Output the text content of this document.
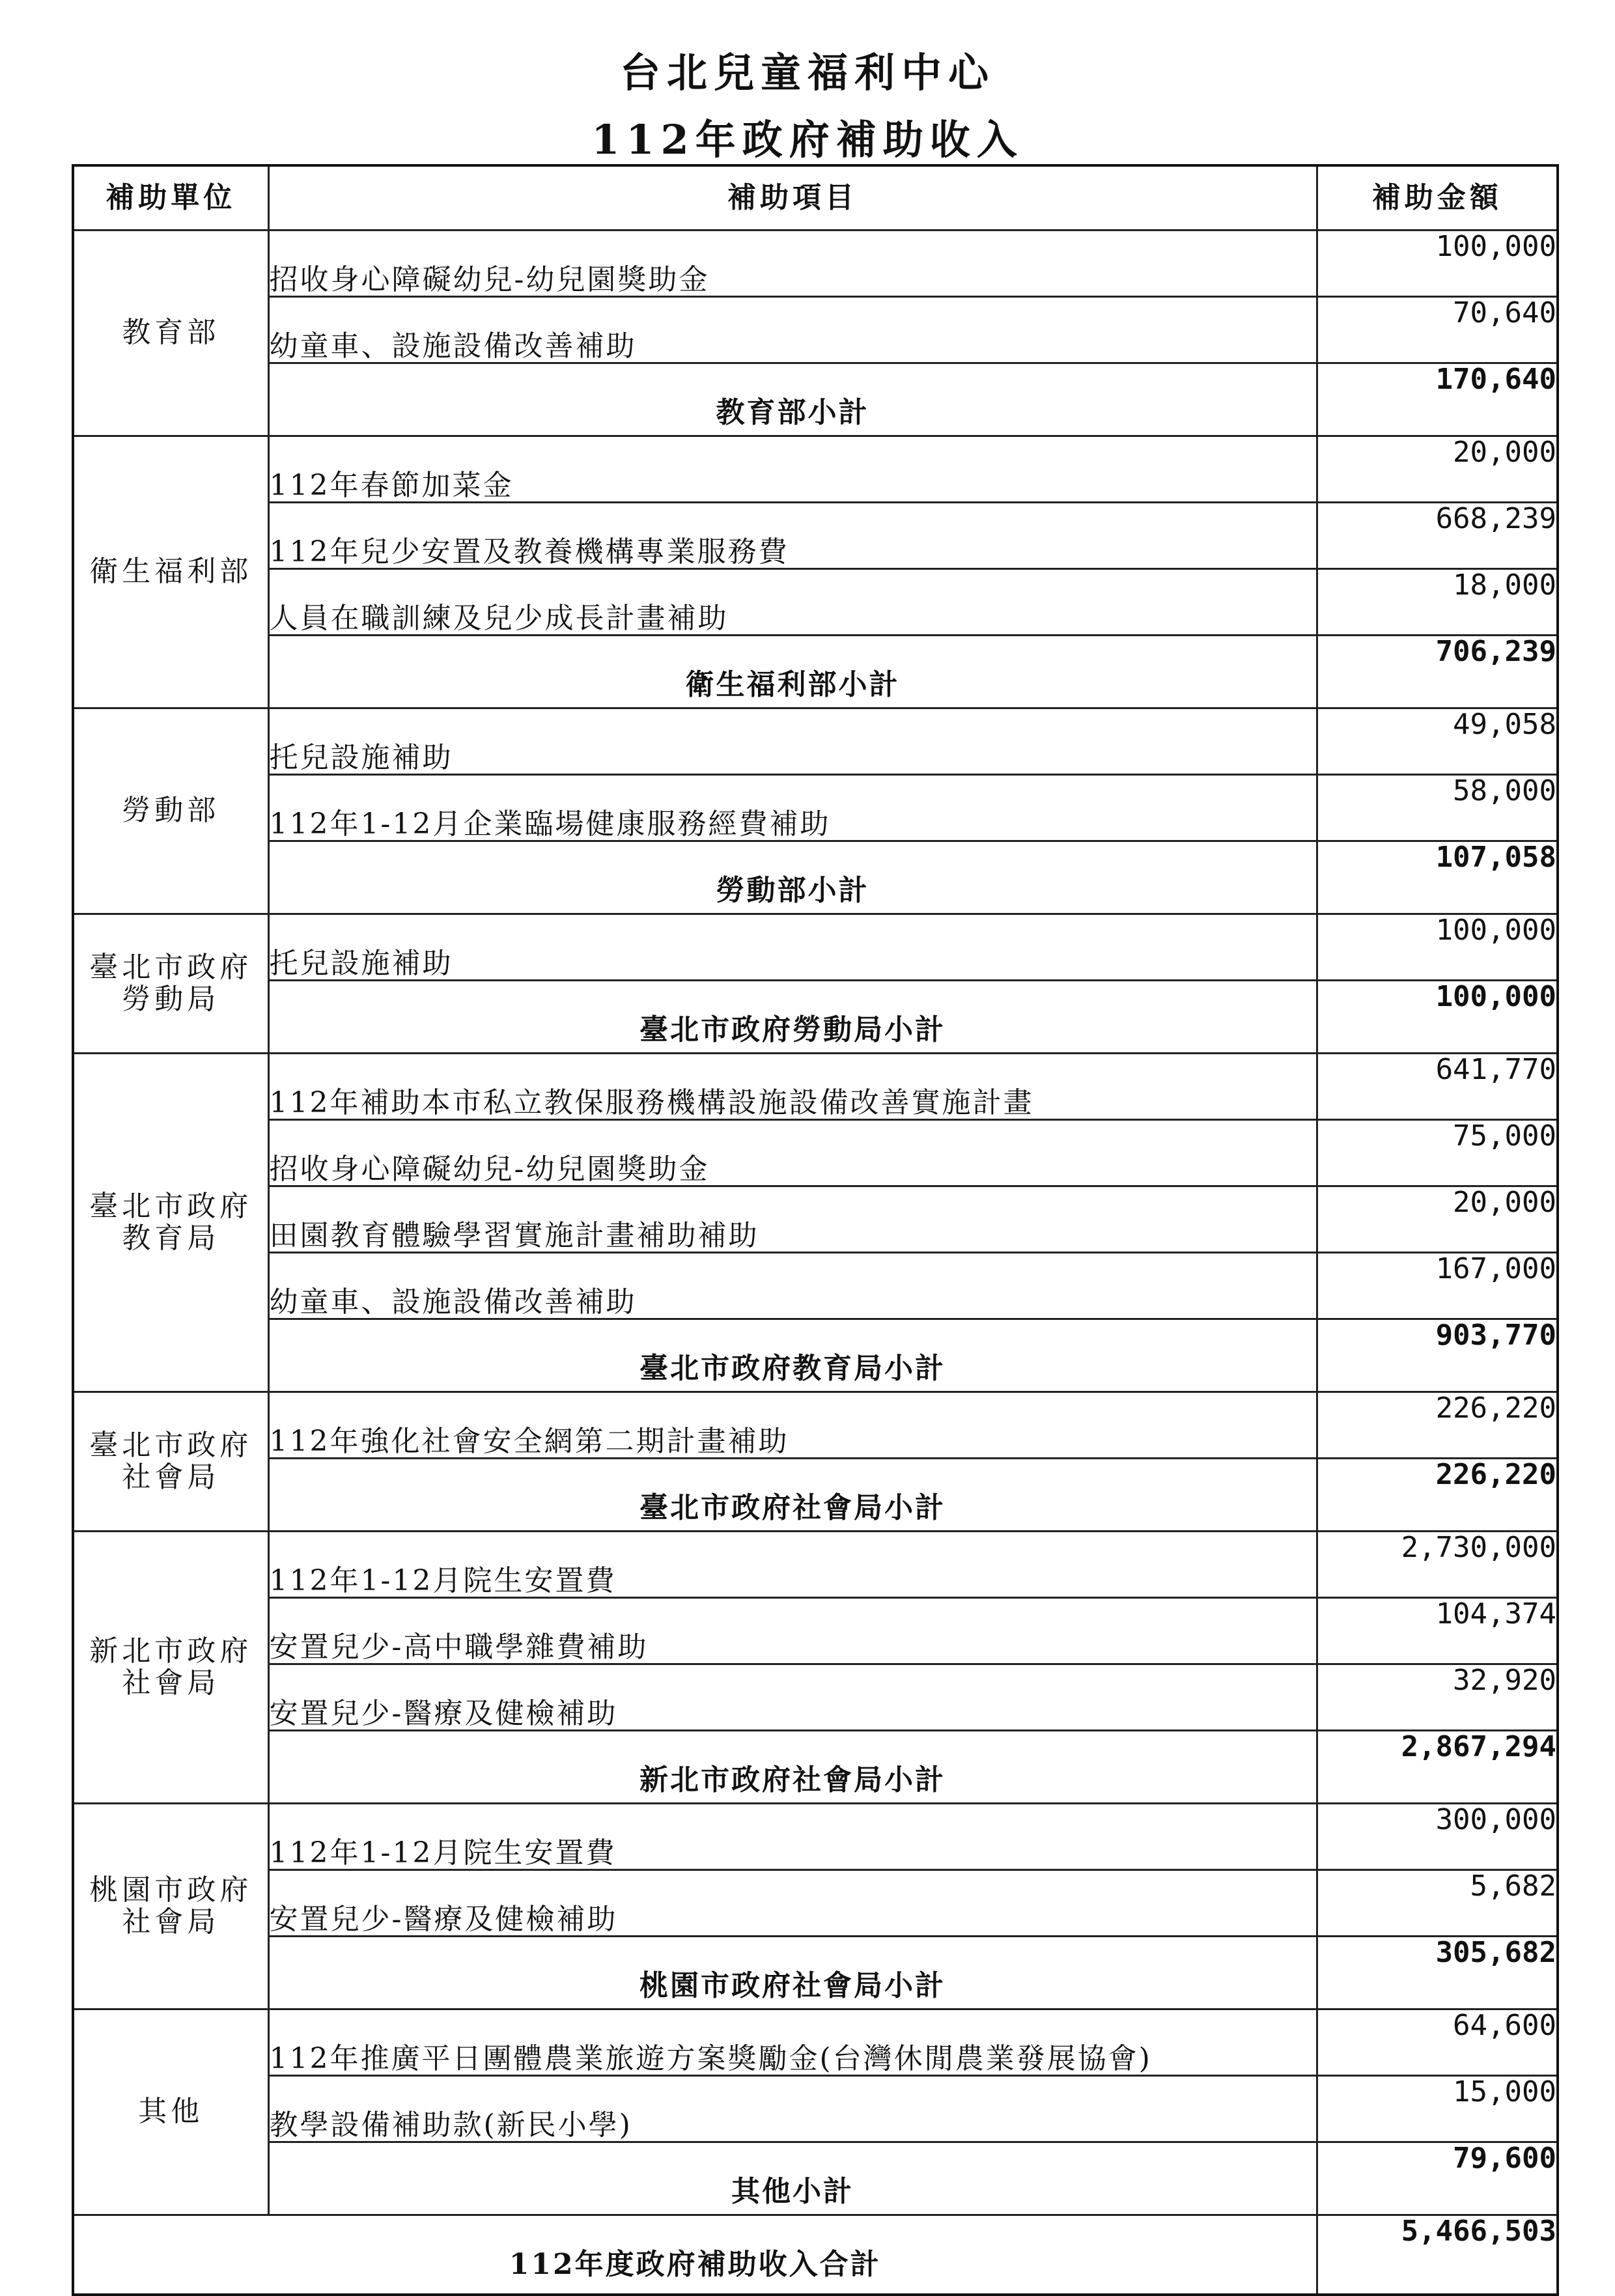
台北兒童福利中心
112年政府補助收入
補助單位	補助項目	補助金額

教育部	招收身心障礙幼兒-幼兒園獎助金	100,000
	幼童車、設施設備改善補助	70,640
	教育部小計	170,640

衛生福利部	112年春節加菜金	20,000
	112年兒少安置及教養機構專業服務費	668,239
	人員在職訓練及兒少成長計畫補助	18,000
	衛生福利部小計	706,239

勞動部	托兒設施補助	49,058
	112年1-12月企業臨場健康服務經費補助	58,000
	勞動部小計	107,058

臺北市政府
勞動局	托兒設施補助	100,000
	臺北市政府勞動局小計	100,000

臺北市政府
教育局	112年補助本市私立教保服務機構設施設備改善實施計畫	641,770
	招收身心障礙幼兒-幼兒園獎助金	75,000
	田園教育體驗學習實施計畫補助補助	20,000
	幼童車、設施設備改善補助	167,000
	臺北市政府教育局小計	903,770

臺北市政府
社會局	112年強化社會安全網第二期計畫補助	226,220
	臺北市政府社會局小計	226,220

新北市政府
社會局	112年1-12月院生安置費	2,730,000
	安置兒少-高中職學雜費補助	104,374
	安置兒少-醫療及健檢補助	32,920
	新北市政府社會局小計	2,867,294

桃園市政府
社會局	112年1-12月院生安置費	300,000
	安置兒少-醫療及健檢補助	5,682
	桃園市政府社會局小計	305,682

其他	112年推廣平日團體農業旅遊方案獎勵金(台灣休閒農業發展協會)	64,600
	教學設備補助款(新民小學)	15,000
	其他小計	79,600
112年度政府補助收入合計		5,466,503
